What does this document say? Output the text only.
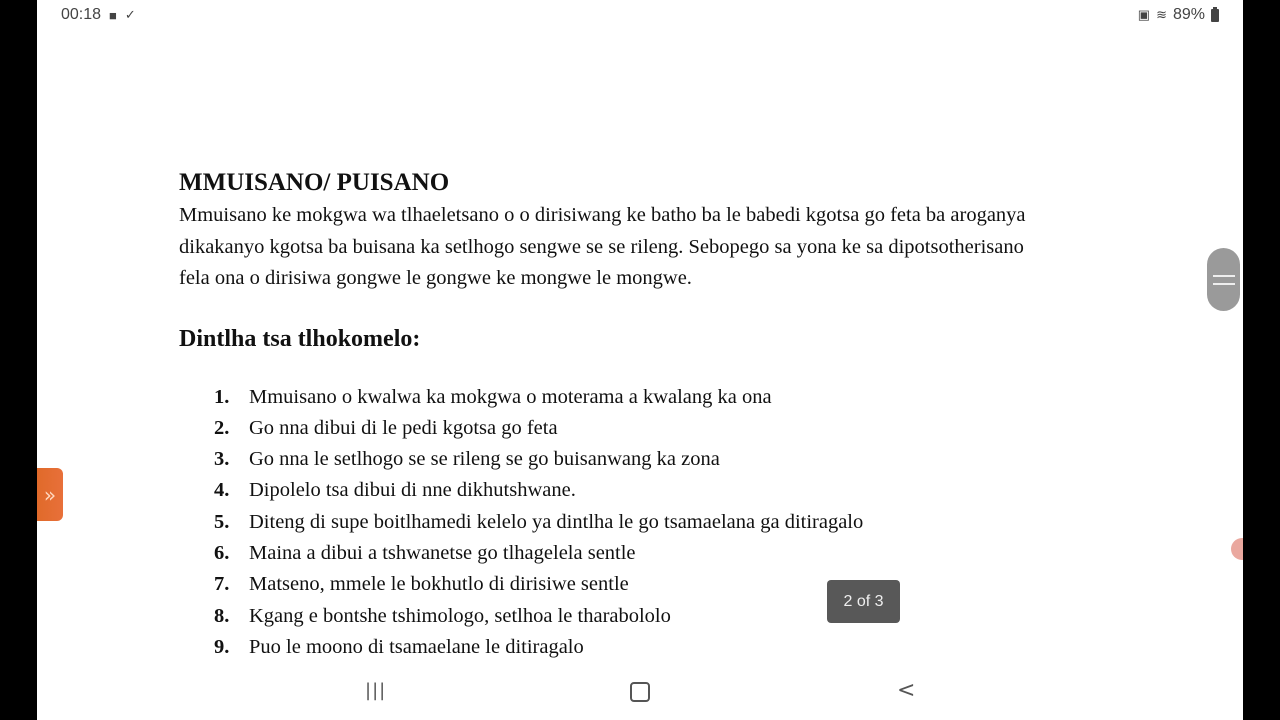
00:18 ■ ✓	▣ ≋ 89%

MMUISANO/ PUISANO

Mmuisano ke mokgwa wa tlhaeletsano o o dirisiwang ke batho ba le babedi kgotsa go feta ba aroganya dikakanyo kgotsa ba buisana ka setlhogo sengwe se se rileng. Sebopego sa yona ke sa dipotsotherisano fela ona o dirisiwa gongwe le gongwe ke mongwe le mongwe.

Dintlha tsa tlhokomelo:

1. Mmuisano o kwalwa ka mokgwa o moterama a kwalang ka ona
2. Go nna dibui di le pedi kgotsa go feta
3. Go nna le setlhogo se se rileng se go buisanwang ka zona
4. Dipolelo tsa dibui di nne dikhutshwane.
5. Diteng di supe boitlhamedi kelelo ya dintlha le go tsamaelana ga ditiragalo
6. Maina a dibui a tshwanetse go tlhagelela sentle
7. Matseno, mmele le bokhutlo di dirisiwe sentle
8. Kgang e bontshe tshimologo, setlhoa le tharabololo
9. Puo le moono di tsamaelane le ditiragalo
2 of 3
»
|||	<
